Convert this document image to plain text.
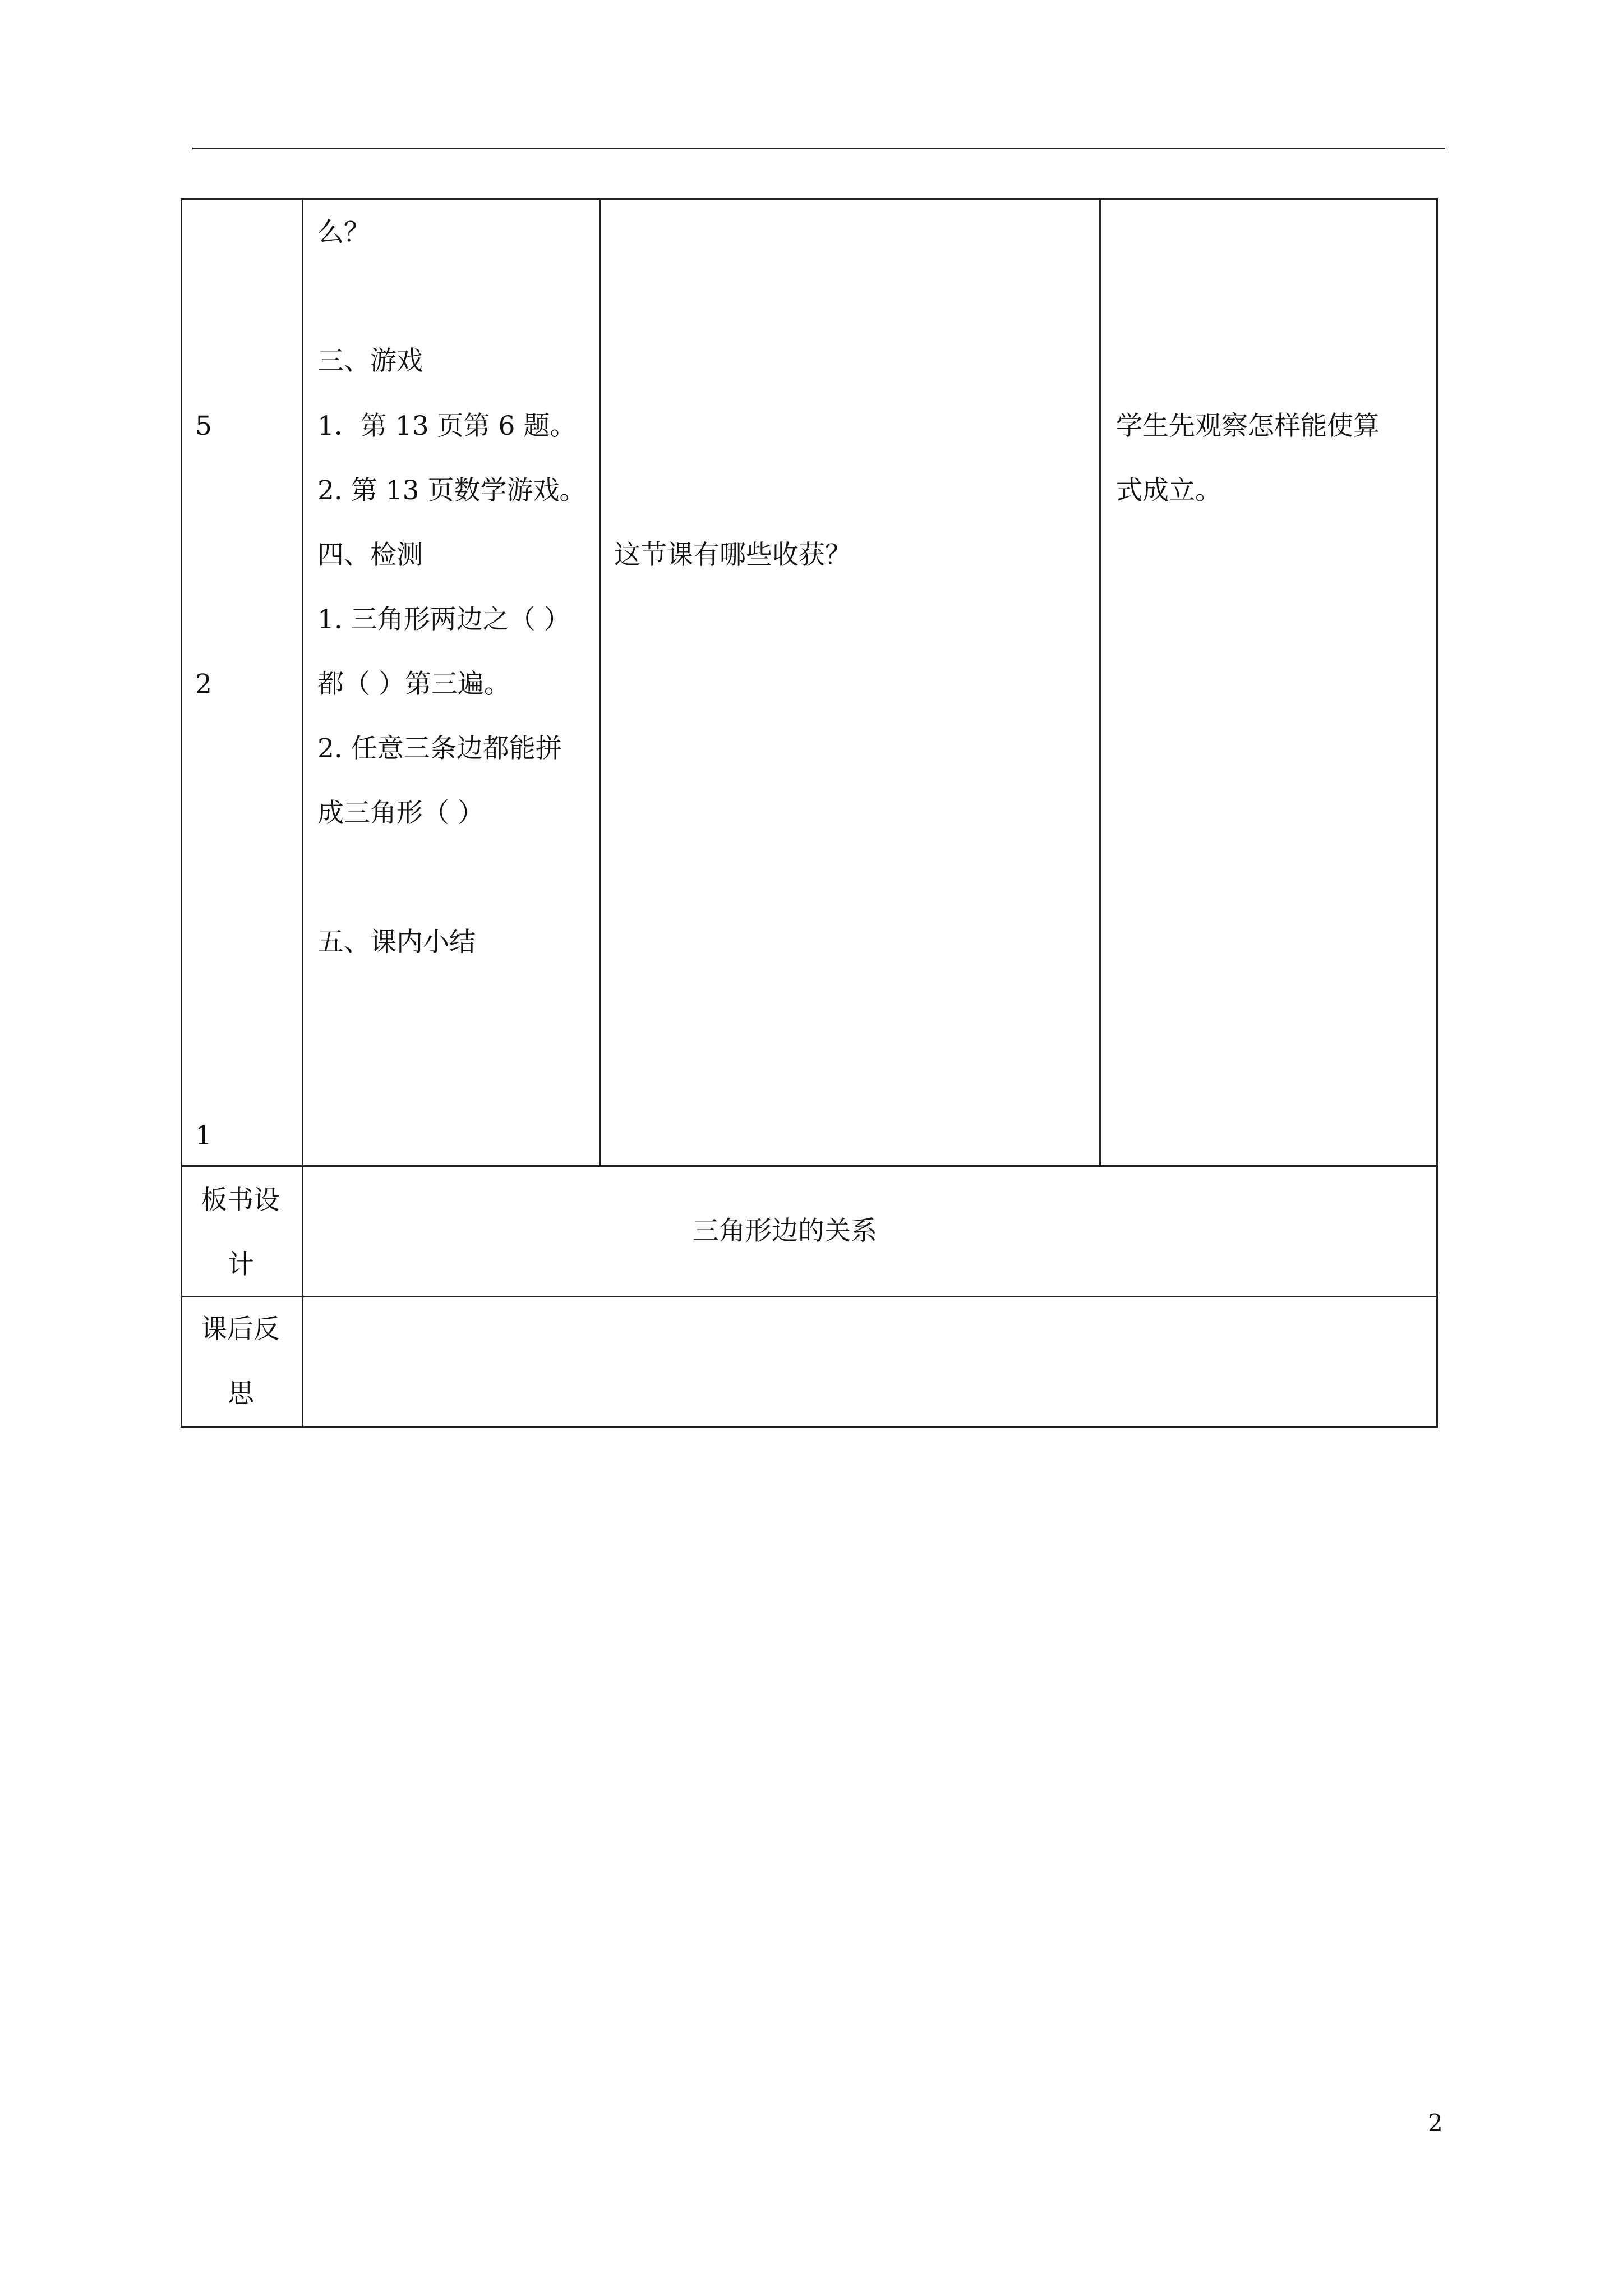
5
2
1
么？
三、游戏
1．第 13 页第 6 题。
2. 第 13 页数学游戏。
四、检测
1. 三角形两边之（ ）
都（ ）第三遍。
2. 任意三条边都能拼
成三角形（ ）
五、课内小结
这节课有哪些收获？
学生先观察怎样能使算
式成立。
板书设
计
三角形边的关系
课后反
思
2
